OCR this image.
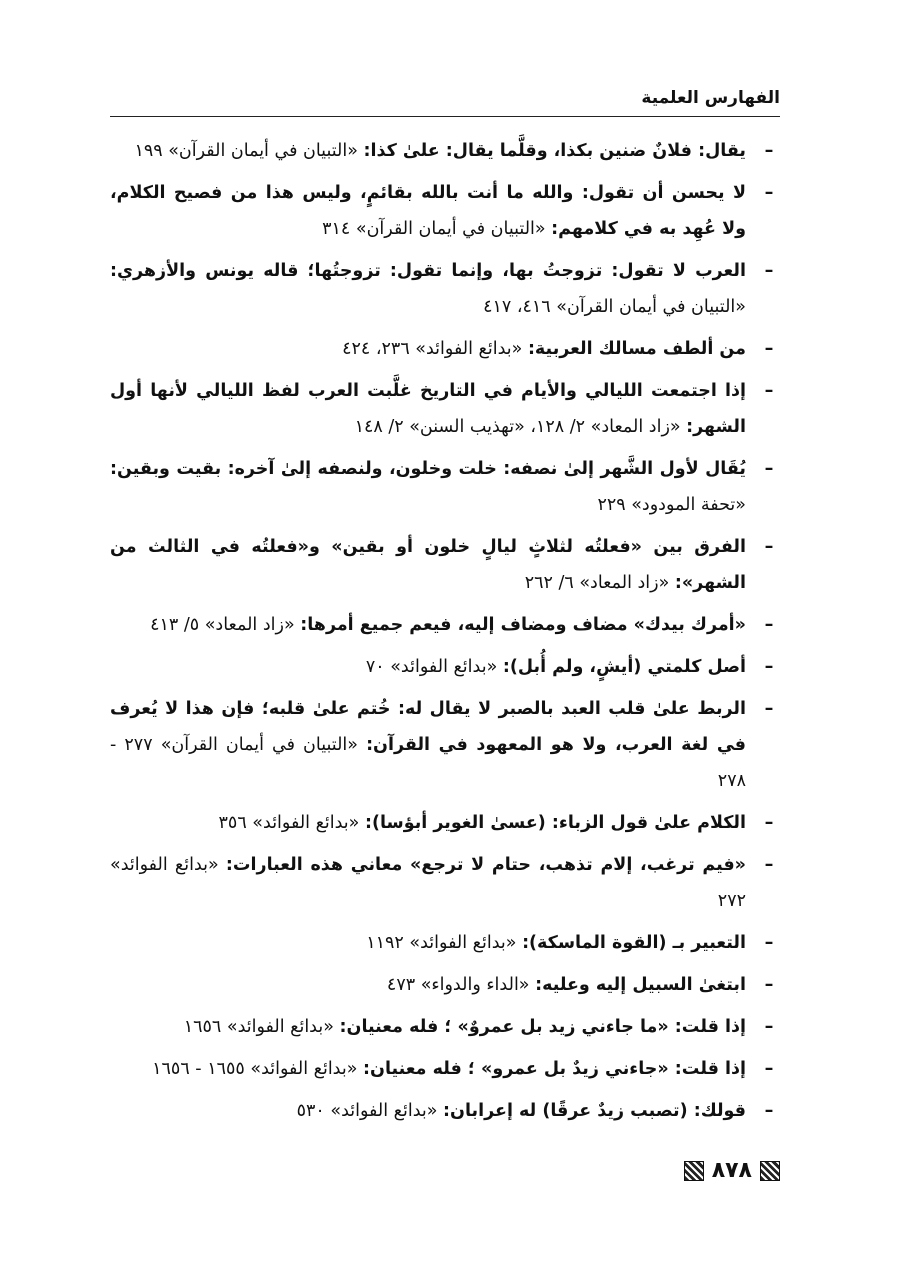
الفهارس العلمية
–
يقال: فلانٌ ضنين بكذا، وقلَّما يقال: علىٰ كذا: «التبيان في أيمان القرآن» ١٩٩
–
لا يحسن أن تقول: والله ما أنت بالله بقائمٍ، وليس هذا من فصيح الكلام، ولا عُهِد به في كلامهم: «التبيان في أيمان القرآن» ٣١٤
–
العرب لا تقول: تزوجتُ بها، وإنما تقول: تزوجتُها؛ قاله يونس والأزهري: «التبيان في أيمان القرآن» ٤١٦، ٤١٧
–
من ألطف مسالك العربية: «بدائع الفوائد» ٢٣٦، ٤٢٤
–
إذا اجتمعت الليالي والأيام في التاريخ غلَّبت العرب لفظ الليالي لأنها أول الشهر: «زاد المعاد» ٢/ ١٢٨، «تهذيب السنن» ٢/ ١٤٨
–
يُقَال لأول الشَّهر إلىٰ نصفه: خلت وخلون، ولنصفه إلىٰ آخره: بقيت وبقين: «تحفة المودود» ٢٢٩
–
الفرق بين «فعلتُه لثلاثٍ ليالٍ خلون أو بقين» و«فعلتُه في الثالث من الشهر»: «زاد المعاد» ٦/ ٢٦٢
–
«أمرك بيدك» مضاف ومضاف إليه، فيعم جميع أمرها: «زاد المعاد» ٥/ ٤١٣
–
أصل كلمتي (أيشٍ، ولم أُبل): «بدائع الفوائد» ٧٠
–
الربط علىٰ قلب العبد بالصبر لا يقال له: خُتم علىٰ قلبه؛ فإن هذا لا يُعرف في لغة العرب، ولا هو المعهود في القرآن: «التبيان في أيمان القرآن» ٢٧٧ - ٢٧٨
–
الكلام علىٰ قول الزباء: (عسىٰ الغوير أبؤسا): «بدائع الفوائد» ٣٥٦
–
«فيم ترغب، إلام تذهب، حتام لا ترجع» معاني هذه العبارات: «بدائع الفوائد» ٢٧٢
–
التعبير بـ (القوة الماسكة): «بدائع الفوائد» ١١٩٢
–
ابتغىٰ السبيل إليه وعليه: «الداء والدواء» ٤٧٣
–
إذا قلت: «ما جاءني زيد بل عمروٌ» ؛ فله معنيان: «بدائع الفوائد» ١٦٥٦
–
إذا قلت: «جاءني زيدٌ بل عمرو» ؛ فله معنيان: «بدائع الفوائد» ١٦٥٥ - ١٦٥٦
–
قولك: (تصبب زيدٌ عرقًا) له إعرابان: «بدائع الفوائد» ٥٣٠
٨٧٨
